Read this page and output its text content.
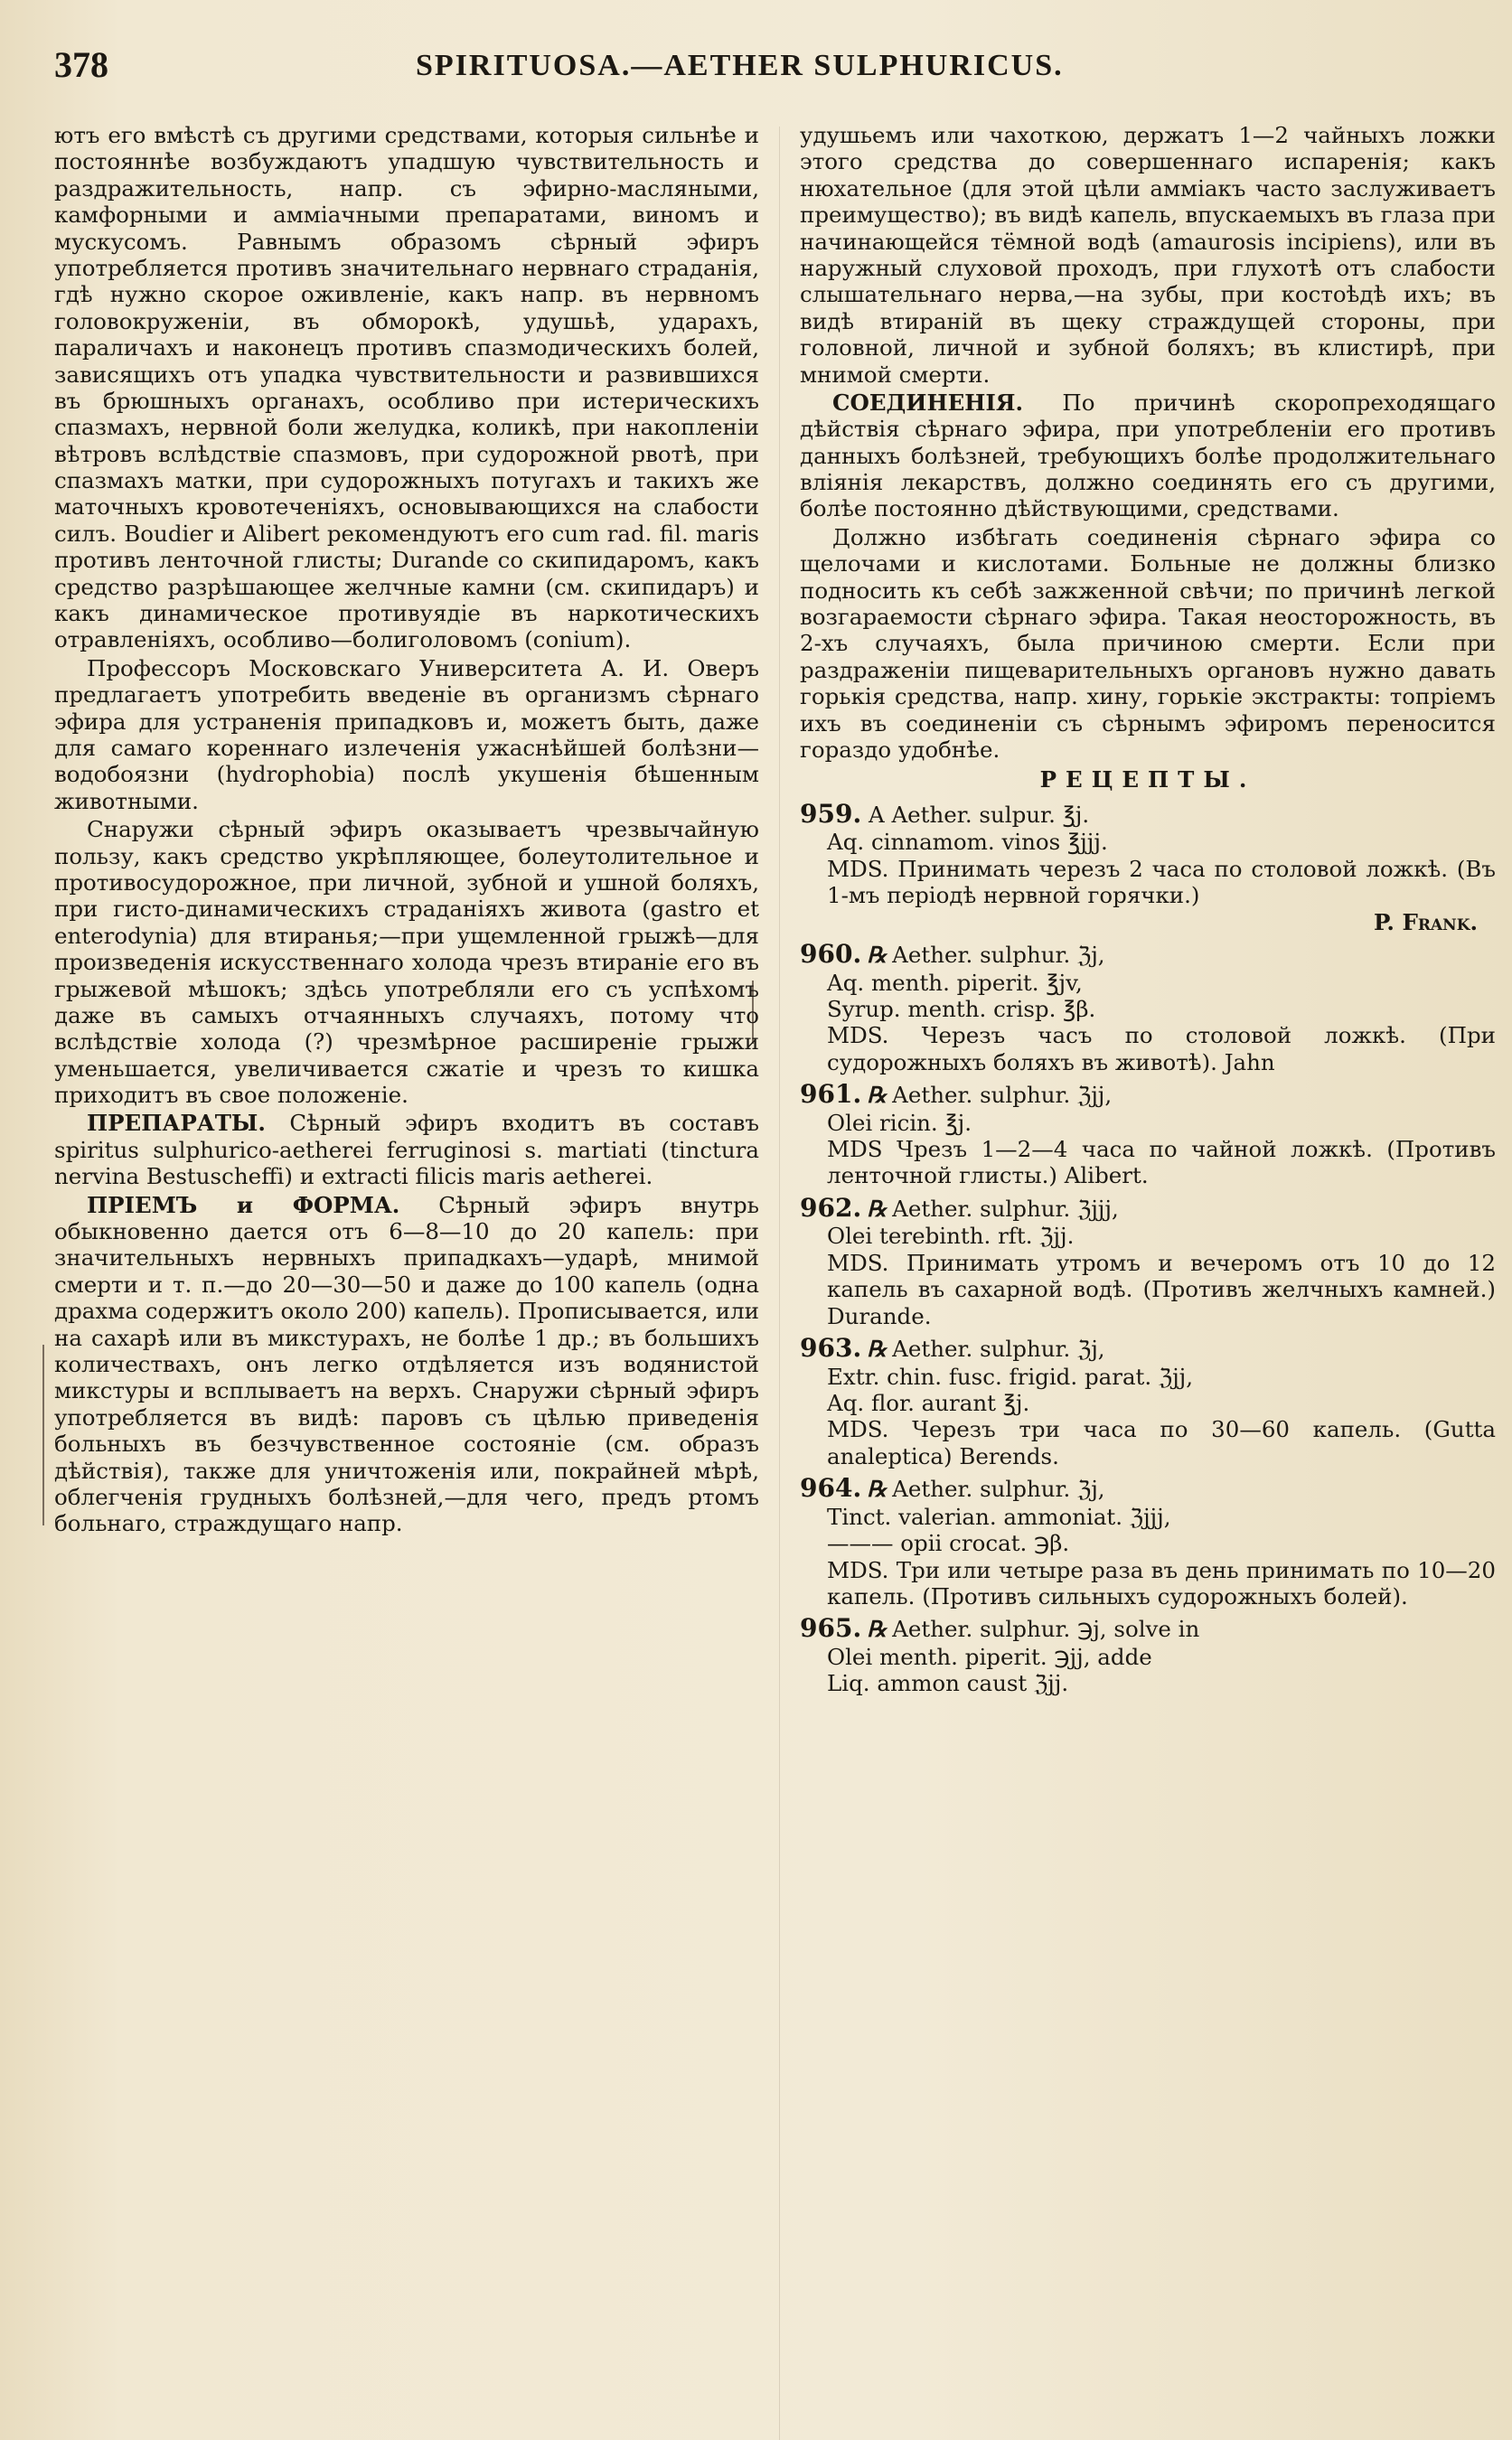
378	SPIRITUOSA.—AETHER SULPHURICUS.

ютъ его вмѣстѣ съ другими средствами, которыя сильнѣе и постояннѣе возбуждаютъ упадшую чувствительность и раздражительность, напр. съ эфирно-масляными, камфорными и амміачными препаратами, виномъ и мускусомъ. Равнымъ образомъ сѣрный эфиръ употребляется противъ значительнаго нервнаго страданія, гдѣ нужно скорое оживленіе, какъ напр. въ нервномъ головокруженіи, въ обморокѣ, удушьѣ, ударахъ, параличахъ и наконецъ противъ спазмодическихъ болей, зависящихъ отъ упадка чувствительности и развившихся въ брюшныхъ органахъ, особливо при истерическихъ спазмахъ, нервной боли желудка, коликѣ, при накопленіи вѣтровъ вслѣдствіе спазмовъ, при судорожной рвотѣ, при спазмахъ матки, при судорожныхъ потугахъ и такихъ же маточныхъ кровотеченіяхъ, основывающихся на слабости силъ. Boudier и Alibert рекомендуютъ его cum rad. fil. maris противъ ленточной глисты; Durande со скипидаромъ, какъ средство разрѣшающее желчные камни (см. скипидаръ) и какъ динамическое противуядіе въ наркотическихъ отравленіяхъ, особливо—болиголовомъ (conium).

Профессоръ Московскаго Университета А. И. Оверъ предлагаетъ употребить введеніе въ организмъ сѣрнаго эфира для устраненія припадковъ и, можетъ быть, даже для самаго кореннаго излеченія ужаснѣйшей болѣзни—водобоязни (hydrophobia) послѣ укушенія бѣшенным животными.

Снаружи сѣрный эфиръ оказываетъ чрезвычайную пользу, какъ средство укрѣпляющее, болеутолительное и противосудорожное, при личной, зубной и ушной боляхъ, при гисто-динамическихъ страданіяхъ живота (gastro et enterodynia) для втиранья;—при ущемленной грыжѣ—для произведенія искусственнаго холода чрезъ втираніе его въ грыжевой мѣшокъ; здѣсь употребляли его съ успѣхомъ даже въ самыхъ отчаянныхъ случаяхъ, потому что вслѣдствіе холода (?) чрезмѣрное расширеніе грыжи уменьшается, увеличивается сжатіе и чрезъ то кишка приходитъ въ свое положеніе.

ПРЕПАРАТЫ. Сѣрный эфиръ входитъ въ составъ spiritus sulphurico-aetherei ferruginosi s. martiati (tinctura nervina Bestuscheffi) и extracti filicis maris aetherei.

ПРІЕМЪ и ФОРМА. Сѣрный эфиръ внутрь обыкновенно дается отъ 6—8—10 до 20 капель: при значительныхъ нервныхъ припадкахъ—ударѣ, мнимой смерти и т. п.—до 20—30—50 и даже до 100 капель (одна драхма содержитъ около 200) капель). Прописывается, или на сахарѣ или въ микстурахъ, не болѣе 1 др.; въ большихъ количествахъ, онъ легко отдѣляется изъ водянистой микстуры и всплываетъ на верхъ. Снаружи сѣрный эфиръ употребляется въ видѣ: паровъ съ цѣлью приведенія больныхъ въ безчувственное состояніе (см. образъ дѣйствія), также для уничтоженія или, покрайней мѣрѣ, облегченія грудныхъ болѣзней,—для чего, предъ ртомъ больнаго, страждущаго напр.

удушьемъ или чахоткою, держатъ 1—2 чайныхъ ложки этого средства до совершеннаго испаренія; какъ нюхательное (для этой цѣли амміакъ часто заслуживаетъ преимущество); въ видѣ капель, впускаемыхъ въ глаза при начинающейся тёмной водѣ (amaurosis incipiens), или въ наружный слуховой проходъ, при глухотѣ отъ слабости слышательнаго нерва,—на зубы, при костоѣдѣ ихъ; въ видѣ втираній въ щеку страждущей стороны, при головной, личной и зубной боляхъ; въ клистирѣ, при мнимой смерти.

СОЕДИНЕНІЯ. По причинѣ скоропреходящаго дѣйствія сѣрнаго эфира, при употребленіи его противъ данныхъ болѣзней, требующихъ болѣе продолжительнаго вліянія лекарствъ, должно соединять его съ другими, болѣе постоянно дѣйствующими, средствами.

Должно избѣгать соединенія сѣрнаго эфира со щелочами и кислотами. Больные не должны близко подносить къ себѣ зажженной свѣчи; по причинѣ легкой возгараемости сѣрнаго эфира. Такая неосторожность, въ 2-хъ случаяхъ, была причиною смерти. Если при раздраженіи пищеварительныхъ органовъ нужно давать горькія средства, напр. хину, горькіе экстракты: топріемъ ихъ въ соединеніи съ сѣрнымъ эфиромъ переносится гораздо удобнѣе.

РЕЦЕПТЫ.

959. A Aether. sulpur. ℥j.
Aq. cinnamom. vinos ℥jjj.
MDS. Принимать черезъ 2 часа по столовой ложкѣ. (Въ 1-мъ періодѣ нервной горячки.)
P. Frank.
960. ℞ Aether. sulphur. ℨj,
Aq. menth. piperit. ℥jv,
Syrup. menth. crisp. ℥β.
MDS. Черезъ часъ по столовой ложкѣ. (При судорожныхъ боляхъ въ животѣ). Jahn
961. ℞ Aether. sulphur. ℨjj,
Olei ricin. ℥j.
MDS Чрезъ 1—2—4 часа по чайной ложкѣ. (Противъ ленточной глисты.) Alibert.
962. ℞ Aether. sulphur. ℨjjj,
Olei terebinth. rft. ℨjj.
MDS. Принимать утромъ и вечеромъ отъ 10 до 12 капель въ сахарной водѣ. (Противъ желчныхъ камней.) Durande.
963. ℞ Aether. sulphur. ℨj,
Extr. chin. fusc. frigid. parat. ℨjj,
Aq. flor. aurant ℥j.
MDS. Черезъ три часа по 30—60 капель. (Gutta analeptica) Berends.
964. ℞ Aether. sulphur. ℨj,
Tinct. valerian. ammoniat. ℨjjj,
——— opii crocat. ℈β.
MDS. Три или четыре раза въ день принимать по 10—20 капель. (Противъ сильныхъ судорожныхъ болей).
965. ℞ Aether. sulphur. ℈j, solve in
Olei menth. piperit. ℈jj, adde
Liq. ammon caust ℨjj.
